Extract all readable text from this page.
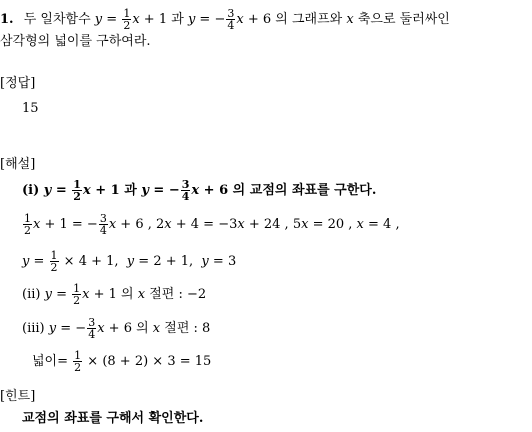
1. 두 일차함수 $y = \frac{1}{2}$ x + 1 과 y = − $\frac{3}{4}$ x + 6 의 그래프와 x 축으로 둘러싸인
삼각형의 넓이를 구하여라.
[정답]
15
[해설]
(i) $y = \frac{1}{2}$ x + 1 과 y = − $\frac{3}{4}$ x + 6 의 교점의 좌표를 구한다.
$\frac{1}{2}$ x + 1 = − $\frac{3}{4}$ x + 6 , 2x + 4 = −3x + 24 , 5x = 20 , x = 4 ,
$y = \frac{1}{2} \times 4 + 1$,  y = 2 + 1,  y = 3
(ii) $y = \frac{1}{2}$ x + 1 의 x 절편 : −2
(iii) y = − $\frac{3}{4}$ x + 6 의 x 절편 : 8
넓이= $\frac{1}{2} \times (8 + 2) \times 3 = 15$
[힌트]
교점의 좌표를 구해서 확인한다.
